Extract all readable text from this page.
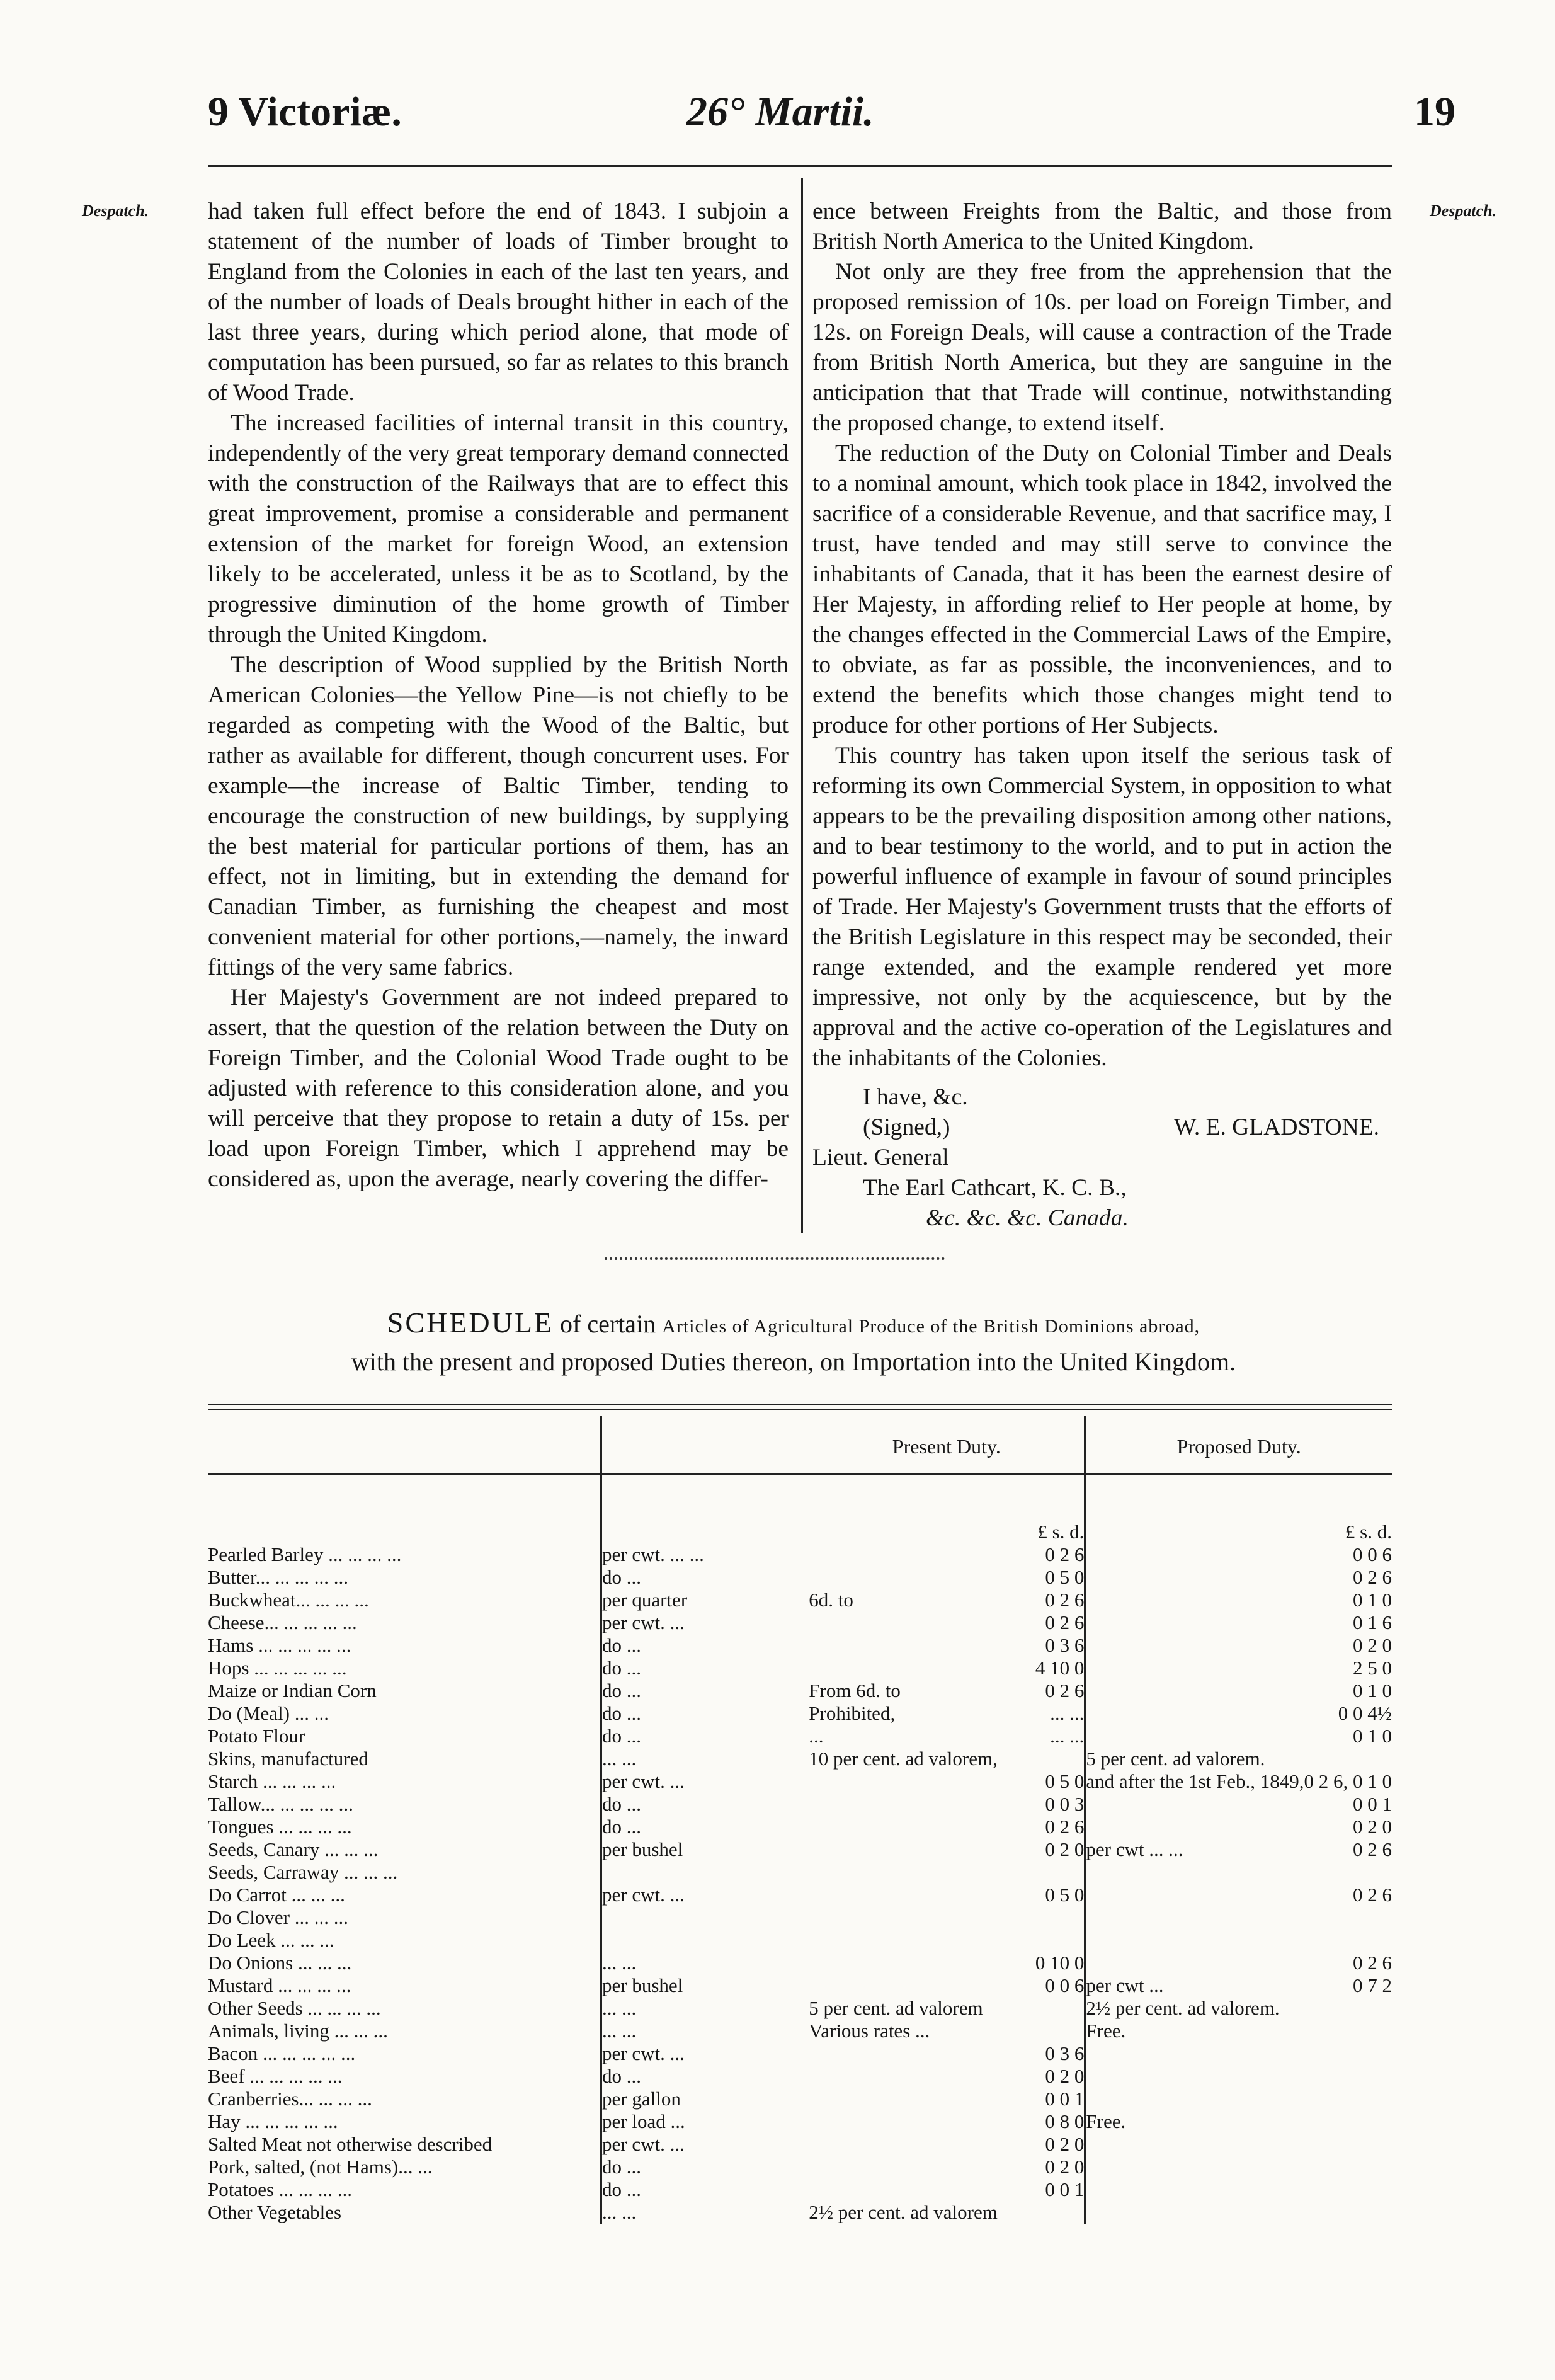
9 Victoriæ.	26° Martii.	19
Despatch.	Despatch.

had taken full effect before the end of 1843. I subjoin a statement of the number of loads of Timber brought to England from the Colonies in each of the last ten years, and of the number of loads of Deals brought hither in each of the last three years, during which period alone, that mode of computation has been pursued, so far as relates to this branch of Wood Trade.

The increased facilities of internal transit in this country, independently of the very great temporary demand connected with the construction of the Railways that are to effect this great improvement, promise a considerable and permanent extension of the market for foreign Wood, an extension likely to be accelerated, unless it be as to Scotland, by the progressive diminution of the home growth of Timber through the United Kingdom.

The description of Wood supplied by the British North American Colonies—the Yellow Pine—is not chiefly to be regarded as competing with the Wood of the Baltic, but rather as available for different, though concurrent uses. For example—the increase of Baltic Timber, tending to encourage the construction of new buildings, by supplying the best material for particular portions of them, has an effect, not in limiting, but in extending the demand for Canadian Timber, as furnishing the cheapest and most convenient material for other portions,—namely, the inward fittings of the very same fabrics.

Her Majesty's Government are not indeed prepared to assert, that the question of the relation between the Duty on Foreign Timber, and the Colonial Wood Trade ought to be adjusted with reference to this consideration alone, and you will perceive that they propose to retain a duty of 15s. per load upon Foreign Timber, which I apprehend may be considered as, upon the average, nearly covering the differ-

ence between Freights from the Baltic, and those from British North America to the United Kingdom.

Not only are they free from the apprehension that the proposed remission of 10s. per load on Foreign Timber, and 12s. on Foreign Deals, will cause a contraction of the Trade from British North America, but they are sanguine in the anticipation that that Trade will continue, notwithstanding the proposed change, to extend itself.

The reduction of the Duty on Colonial Timber and Deals to a nominal amount, which took place in 1842, involved the sacrifice of a considerable Revenue, and that sacrifice may, I trust, have tended and may still serve to convince the inhabitants of Canada, that it has been the earnest desire of Her Majesty, in affording relief to Her people at home, by the changes effected in the Commercial Laws of the Empire, to obviate, as far as possible, the inconveniences, and to extend the benefits which those changes might tend to produce for other portions of Her Subjects.

This country has taken upon itself the serious task of reforming its own Commercial System, in opposition to what appears to be the prevailing disposition among other nations, and to bear testimony to the world, and to put in action the powerful influence of example in favour of sound principles of Trade. Her Majesty's Government trusts that the efforts of the British Legislature in this respect may be seconded, their range extended, and the example rendered yet more impressive, not only by the acquiescence, but by the approval and the active co-operation of the Legislatures and the inhabitants of the Colonies.

I have, &c.
(Signed,)	W. E. GLADSTONE.
Lieut. General
The Earl Cathcart, K. C. B.,
&c. &c. &c. Canada.
SCHEDULE of certain Articles of Agricultural Produce of the British Dominions abroad,
with the present and proposed Duties thereon, on Importation into the United Kingdom.
		Present Duty.		Proposed Duty.	
			£ s. d.		£ s. d.
Pearled Barley ... ... ... ...	per cwt. ... ...		0 2 6		0 0 6
Butter... ... ... ... ...	do ...		0 5 0		0 2 6
Buckwheat... ... ... ...	per quarter	6d. to	0 2 6		0 1 0
Cheese... ... ... ... ...	per cwt. ...		0 2 6		0 1 6
Hams ... ... ... ... ...	do ...		0 3 6		0 2 0
Hops ... ... ... ... ...	do ...		4 10 0		2 5 0
Maize or Indian Corn	do ...	From 6d. to	0 2 6		0 1 0
Do (Meal) ... ...	do ...	Prohibited,	... ...		0 0 4½
Potato Flour	do ...	...	... ...		0 1 0
Skins, manufactured	... ...	10 per cent. ad valorem,		5 per cent. ad valorem.	
Starch ... ... ... ...	per cwt. ...		0 5 0	and after the 1st Feb., 1849,	0 2 6, 0 1 0
Tallow... ... ... ... ...	do ...		0 0 3		0 0 1
Tongues ... ... ... ...	do ...		0 2 6		0 2 0
Seeds, Canary ... ... ...	per bushel		0 2 0	per cwt ... ...	0 2 6
Seeds, Carraway ... ... ...					
Do Carrot ... ... ...	per cwt. ...		0 5 0		0 2 6
Do Clover ... ... ...					
Do Leek ... ... ...					
Do Onions ... ... ...	... ...		0 10 0		0 2 6
Mustard ... ... ... ...	per bushel		0 0 6	per cwt ...	0 7 2
Other Seeds ... ... ... ...	... ...	5 per cent. ad valorem		2½ per cent. ad valorem.	
Animals, living ... ... ...	... ...	Various rates ...		Free.	
Bacon ... ... ... ... ...	per cwt. ...		0 3 6		
Beef ... ... ... ... ...	do ...		0 2 0		
Cranberries... ... ... ...	per gallon		0 0 1		
Hay ... ... ... ... ...	per load ...		0 8 0	Free.	
Salted Meat not otherwise described	per cwt. ...		0 2 0		
Pork, salted, (not Hams)... ...	do ...		0 2 0		
Potatoes ... ... ... ...	do ...		0 0 1		
Other Vegetables	... ...	2½ per cent. ad valorem			
